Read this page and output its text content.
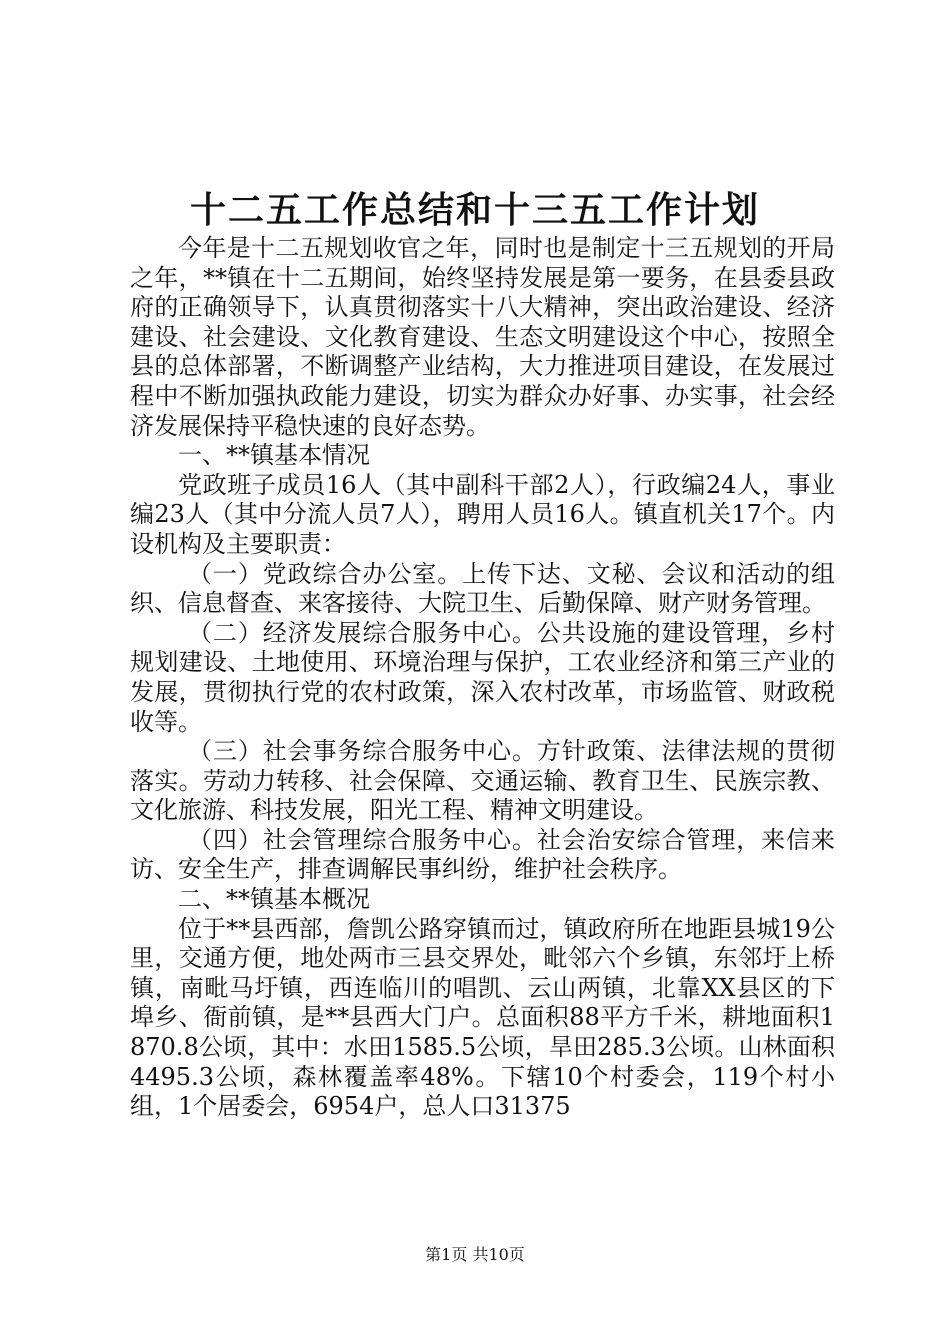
十二五工作总结和十三五工作计划

今年是十二五规划收官之年，同时也是制定十三五规划的开局之年，**镇在十二五期间，始终坚持发展是第一要务，在县委县政府的正确领导下，认真贯彻落实十八大精神，突出政治建设、经济建设、社会建设、文化教育建设、生态文明建设这个中心，按照全县的总体部署，不断调整产业结构，大力推进项目建设，在发展过程中不断加强执政能力建设，切实为群众办好事、办实事，社会经济发展保持平稳快速的良好态势。

一、**镇基本情况

党政班子成员16人（其中副科干部2人），行政编24人，事业编23人（其中分流人员7人），聘用人员16人。镇直机关17个。内设机构及主要职责：

（一）党政综合办公室。上传下达、文秘、会议和活动的组织、信息督查、来客接待、大院卫生、后勤保障、财产财务管理。

（二）经济发展综合服务中心。公共设施的建设管理，乡村规划建设、土地使用、环境治理与保护，工农业经济和第三产业的发展，贯彻执行党的农村政策，深入农村改革，市场监管、财政税收等。

（三）社会事务综合服务中心。方针政策、法律法规的贯彻落实。劳动力转移、社会保障、交通运输、教育卫生、民族宗教、文化旅游、科技发展，阳光工程、精神文明建设。

（四）社会管理综合服务中心。社会治安综合管理，来信来访、安全生产，排查调解民事纠纷，维护社会秩序。

二、**镇基本概况

位于**县西部，詹凯公路穿镇而过，镇政府所在地距县城19公里，交通方便，地处两市三县交界处，毗邻六个乡镇，东邻圩上桥镇，南毗马圩镇，西连临川的唱凯、云山两镇，北靠XX县区的下埠乡、衙前镇，是**县西大门户。总面积88平方千米，耕地面积1870.8公顷，其中：水田1585.5公顷，旱田285.3公顷。山林面积4495.3公顷，森林覆盖率48%。下辖10个村委会，119个村小组，1个居委会，6954户，总人口31375

第1页 共10页
